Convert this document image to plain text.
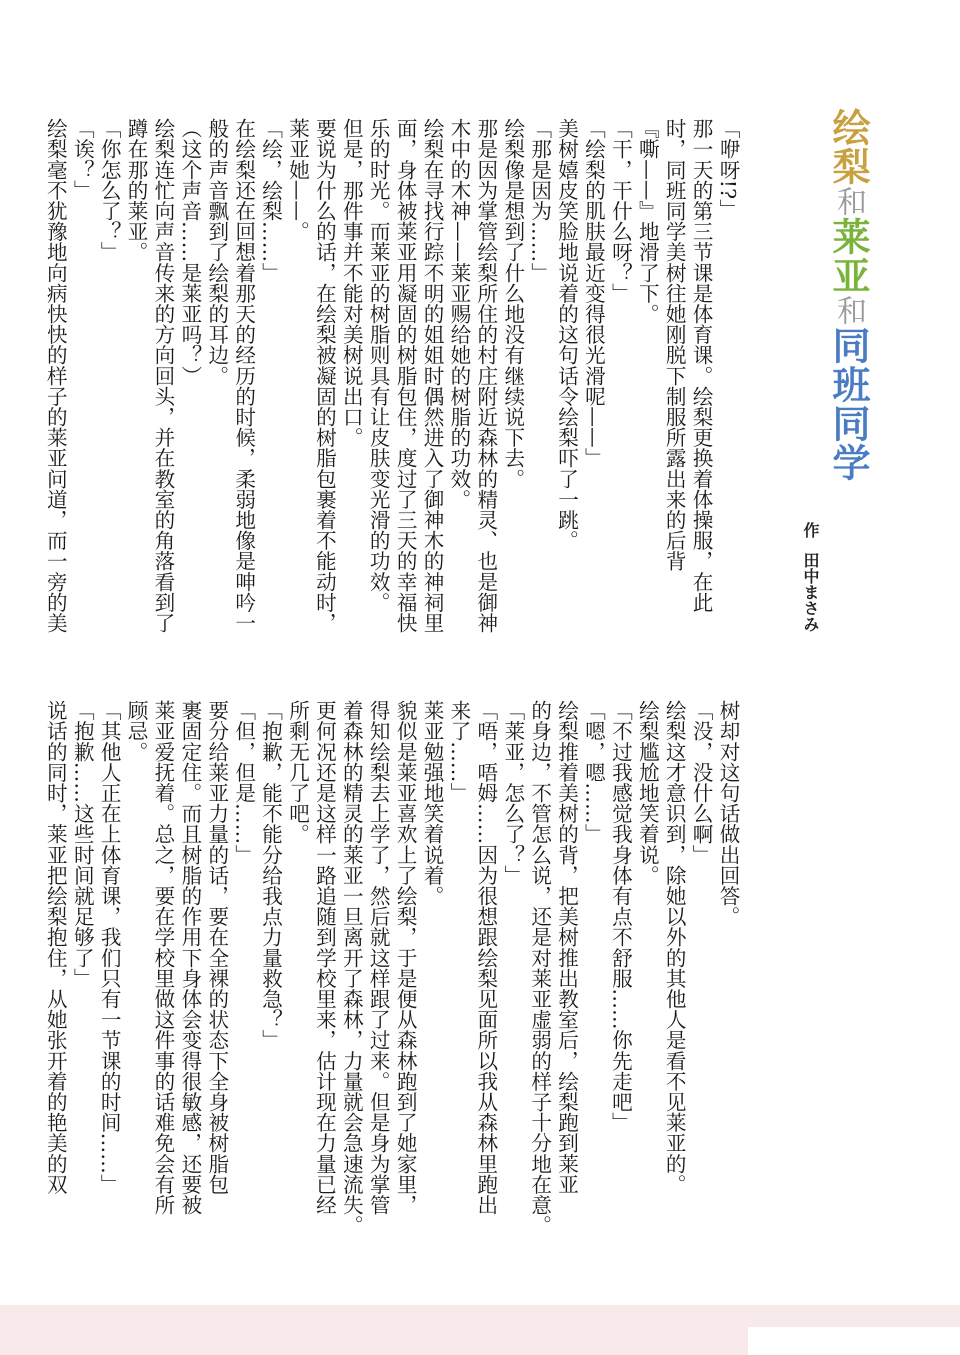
绘梨和莱亚和同班同学
作田中まさみ

「咿呀!?」

那一天的第三节课是体育课。绘梨更换着体操服，在此

时，同班同学美树往她刚脱下制服所露出来的后背

『嘶——』地滑了下。

「干，干什么呀？」

「绘梨的肌肤最近变得很光滑呢——」

美树嬉皮笑脸地说着的这句话令绘梨吓了一跳。

「那是因为……」

绘梨像是想到了什么地没有继续说下去。

那是因为掌管绘梨所住的村庄附近森林的精灵、也是御神

木中的木神——莱亚赐给她的树脂的功效。

绘梨在寻找行踪不明的姐姐时偶然进入了御神木的神祠里

面，身体被莱亚用凝固的树脂包住，度过了三天的幸福快

乐的时光。而莱亚的树脂则具有让皮肤变光滑的功效。

但是，那件事并不能对美树说出口。

要说为什么的话，在绘梨被凝固的树脂包裹着不能动时，

莱亚她——。

「绘，绘梨……」

在绘梨还在回想着那天的经历的时候，柔弱地像是呻吟一

般的声音飘到了绘梨的耳边。

（这个声音……是莱亚吗？）

绘梨连忙向声音传来的方向回头，并在教室的角落看到了

蹲在那的莱亚。

「你怎么了？」

「诶？」

绘梨毫不犹豫地向病快快的样子的莱亚问道，而一旁的美

树却对这句话做出回答。

「没，没什么啊」

绘梨这才意识到，除她以外的其他人是看不见莱亚的。

绘梨尴尬地笑着说。

「不过我感觉我身体有点不舒服……你先走吧」

「嗯，嗯……」

绘梨推着美树的背，把美树推出教室后，绘梨跑到莱亚

的身边，不管怎么说，还是对莱亚虚弱的样子十分地在意。

「莱亚，怎么了？」

「唔，唔姆……因为很想跟绘梨见面所以我从森林里跑出

来了……」

莱亚勉强地笑着说着。

貌似是莱亚喜欢上了绘梨，于是便从森林跑到了她家里，

得知绘梨去上学了，然后就这样跟了过来。但是身为掌管

着森林的精灵的莱亚一旦离开了森林，力量就会急速流失。

更何况还是这样一路追随到学校里来，估计现在力量已经

所剩无几了吧。

「抱歉，能不能分给我点力量救急？」

「但，但是……」

要分给莱亚力量的话，要在全裸的状态下全身被树脂包

裹固定住。而且树脂的作用下身体会变得很敏感，还要被

莱亚爱抚着。总之，要在学校里做这件事的话难免会有所

顾忌。

「其他人正在上体育课，我们只有一节课的时间……」

「抱歉……这些时间就足够了」

说话的同时，莱亚把绘梨抱住，从她张开着的艳美的双
